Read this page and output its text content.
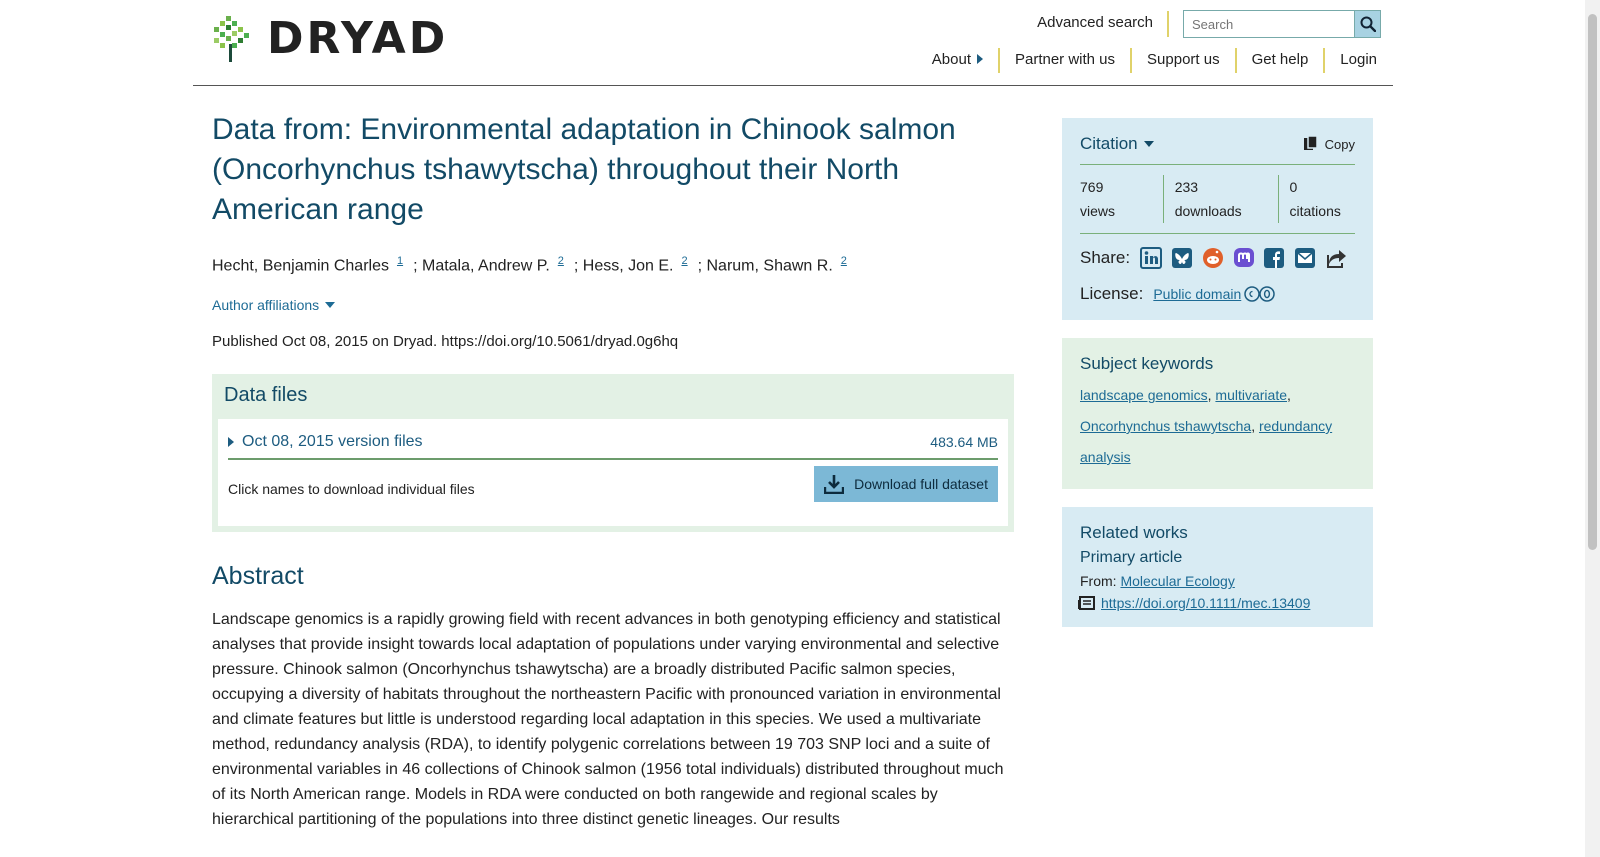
DRYAD	Advanced search
Search
About	Partner with us	Support us	Get help	Login
Data from: Environmental adaptation in Chinook salmon (Oncorhynchus tshawytscha) throughout their North American range
Hecht, Benjamin Charles $^1$ ; Matala, Andrew P. $^2$ ; Hess, Jon E. $^2$ ; Narum, Shawn R. $^2$
Author affiliations
Published Oct 08, 2015 on Dryad. https://doi.org/10.5061/dryad.0g6hq
Data files
Oct 08, 2015 version files	483.64 MB
Click names to download individual files	Download full dataset
Abstract

Landscape genomics is a rapidly growing field with recent advances in both genotyping efficiency and statistical analyses that provide insight towards local adaptation of populations under varying environmental and selective pressure. Chinook salmon (Oncorhynchus tshawytscha) are a broadly distributed Pacific salmon species, occupying a diversity of habitats throughout the northeastern Pacific with pronounced variation in environmental and climate features but little is understood regarding local adaptation in this species. We used a multivariate method, redundancy analysis (RDA), to identify polygenic correlations between 19 703 SNP loci and a suite of environmental variables in 46 collections of Chinook salmon (1956 total individuals) distributed throughout much of its North American range. Models in RDA were conducted on both rangewide and regional scales by hierarchical partitioning of the populations into three distinct genetic lineages. Our results

Citation	Copy
769
views
233
downloads
0
citations
Share:
License: Public domain
Subject keywords
landscape genomics, multivariate,
Oncorhynchus tshawytscha, redundancy analysis
Related works
Primary article
From: Molecular Ecology
https://doi.org/10.1111/mec.13409
